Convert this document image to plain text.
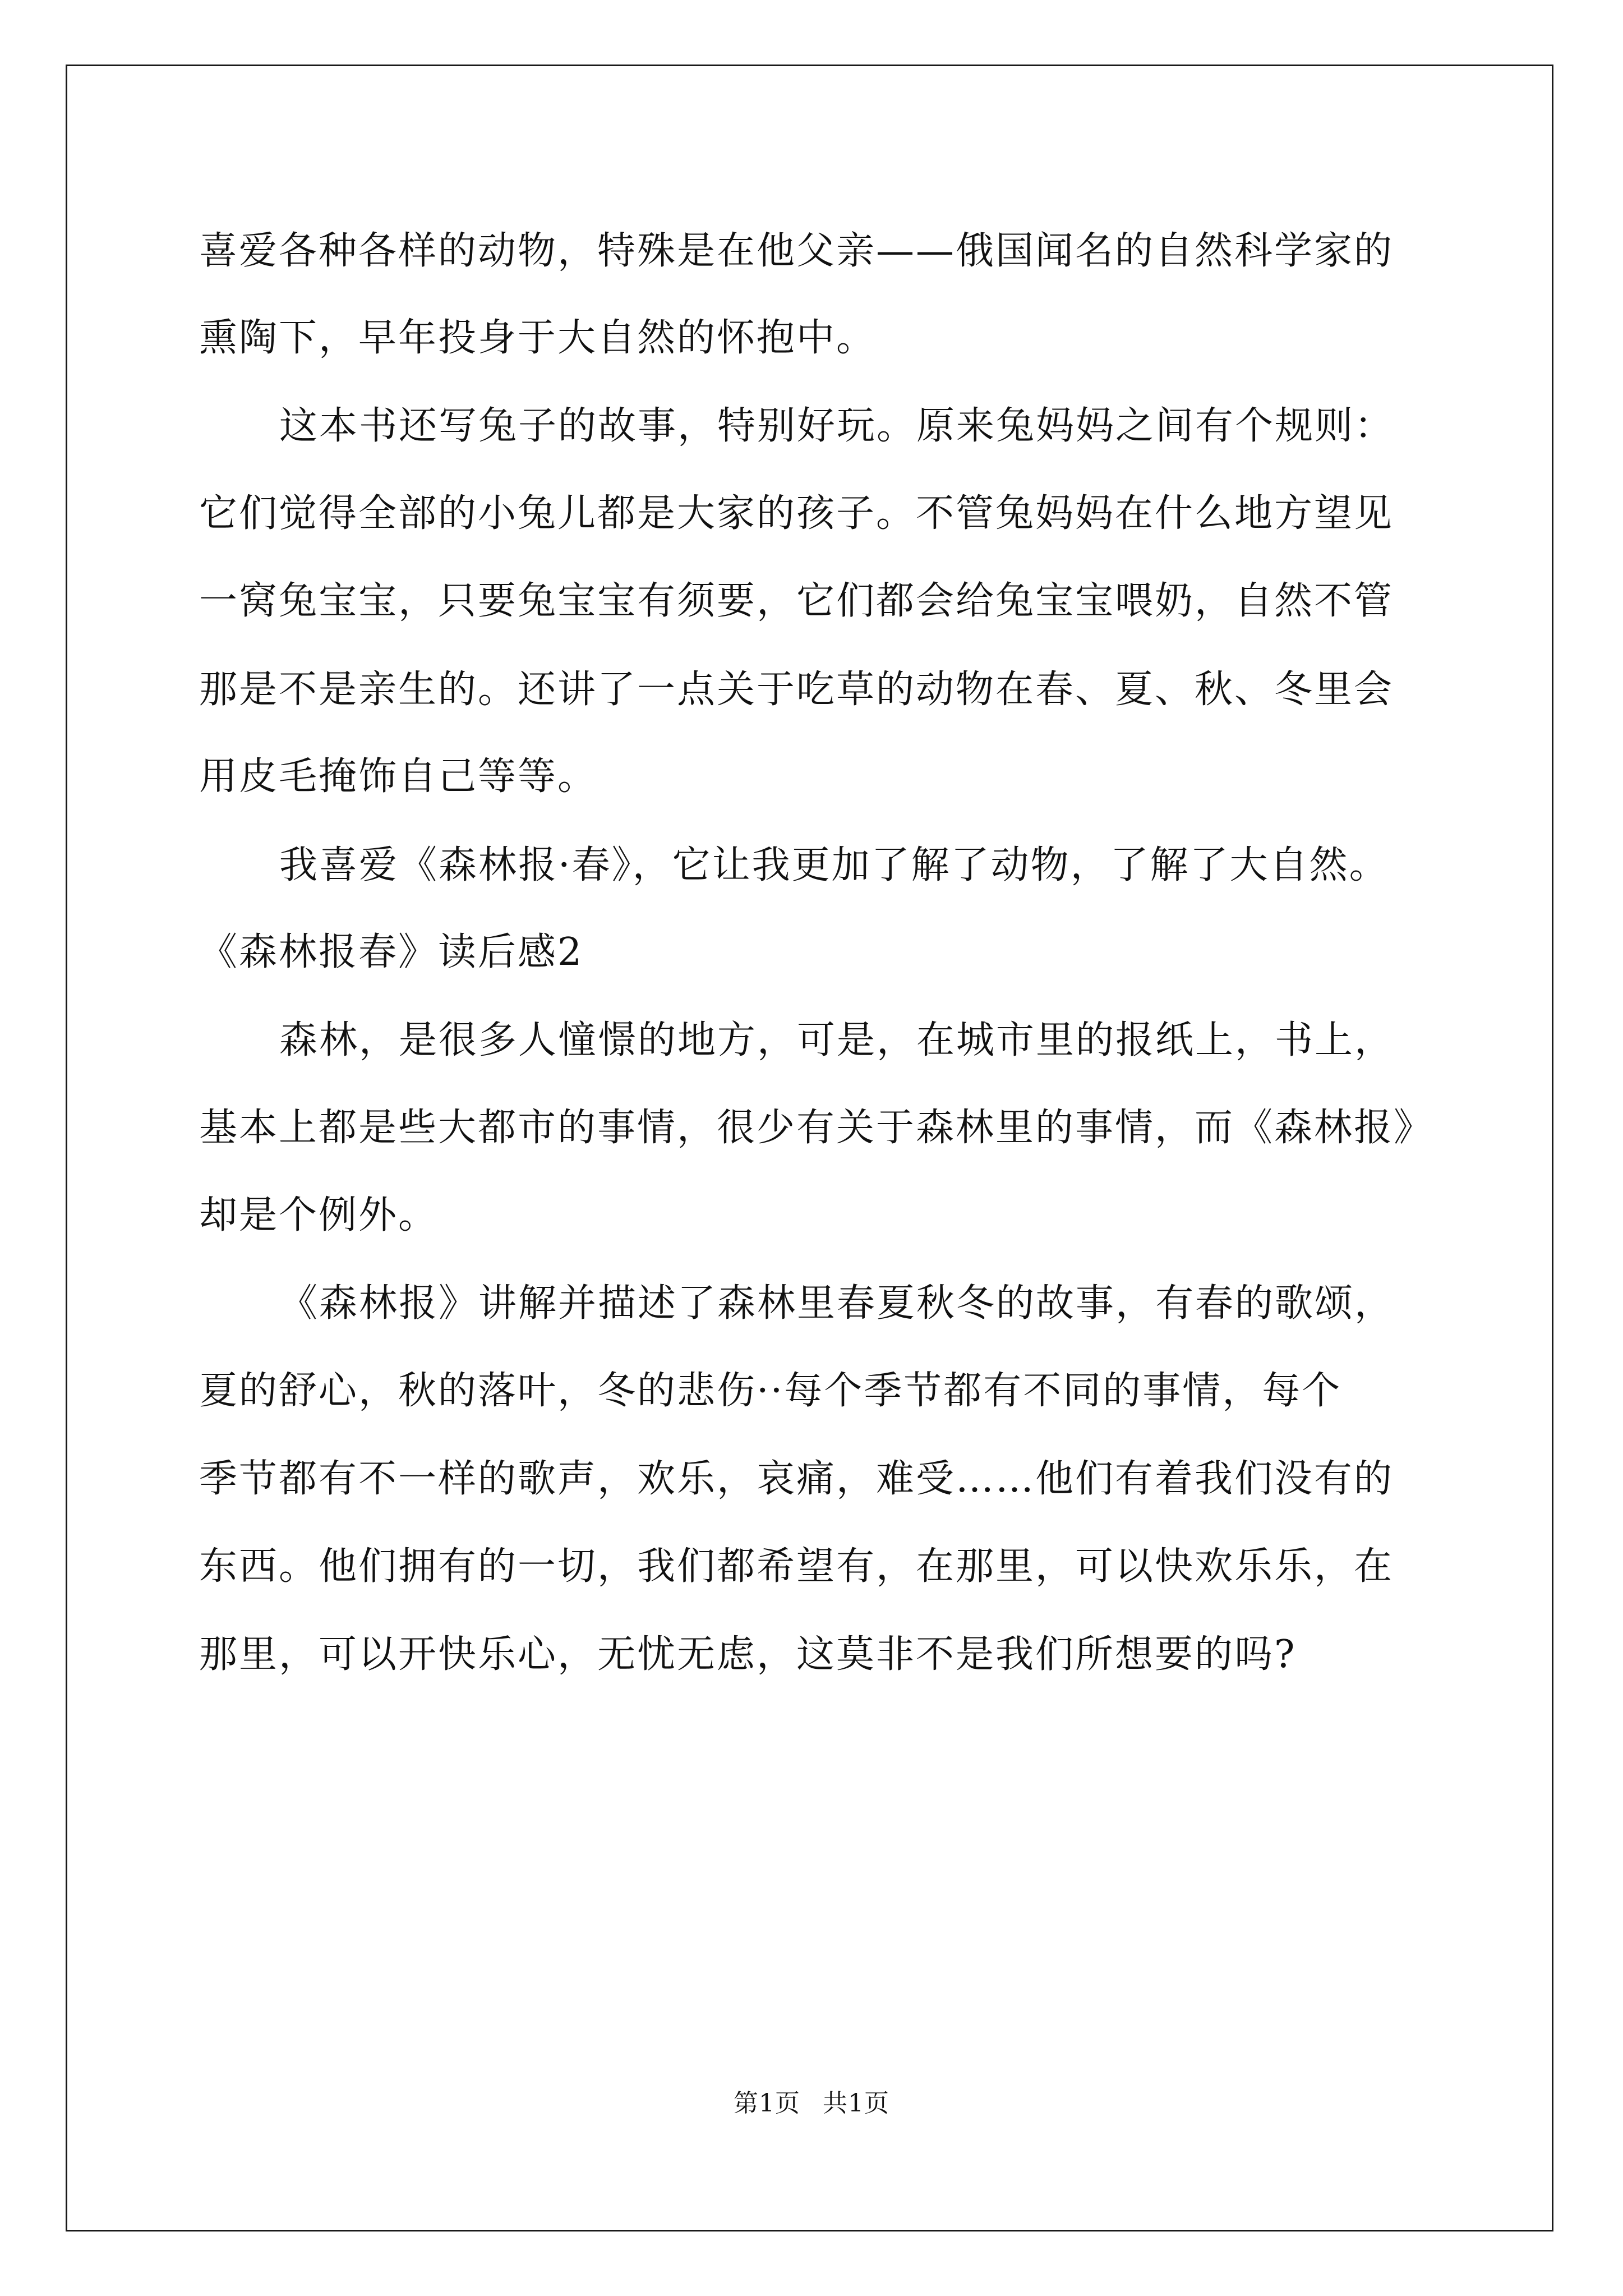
喜爱各种各样的动物，特殊是在他父亲——俄国闻名的自然科学家的
熏陶下，早年投身于大自然的怀抱中。
这本书还写兔子的故事，特别好玩。原来兔妈妈之间有个规则：
它们觉得全部的小兔儿都是大家的孩子。不管兔妈妈在什么地方望见
一窝兔宝宝，只要兔宝宝有须要，它们都会给兔宝宝喂奶，自然不管
那是不是亲生的。还讲了一点关于吃草的动物在春、夏、秋、冬里会
用皮毛掩饰自己等等。
我喜爱《森林报·春》，它让我更加了解了动物，了解了大自然。
《森林报春》读后感2
森林，是很多人憧憬的地方，可是，在城市里的报纸上，书上，
基本上都是些大都市的事情，很少有关于森林里的事情，而《森林报》
却是个例外。
《森林报》讲解并描述了森林里春夏秋冬的故事，有春的歌颂，
夏的舒心，秋的落叶，冬的悲伤··每个季节都有不同的事情，每个
季节都有不一样的歌声，欢乐，哀痛，难受……他们有着我们没有的
东西。他们拥有的一切，我们都希望有，在那里，可以快欢乐乐，在
那里，可以开快乐心，无忧无虑，这莫非不是我们所想要的吗?
第1页 共1页
